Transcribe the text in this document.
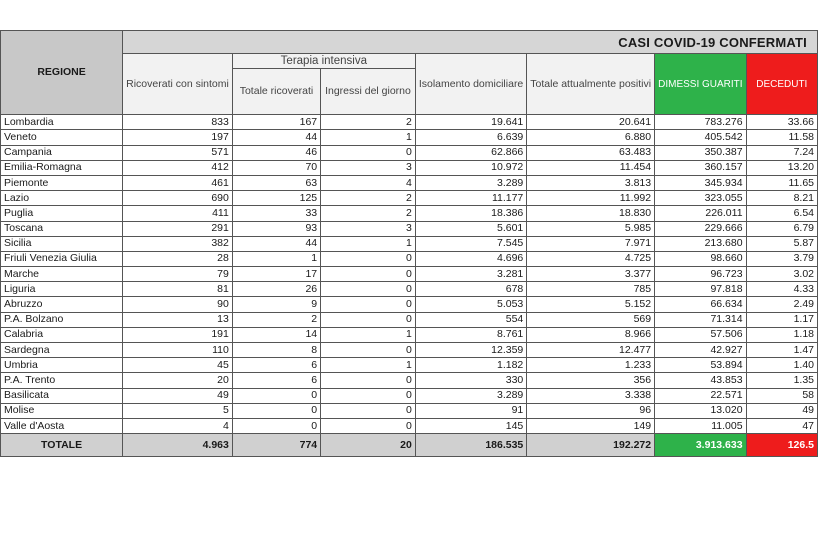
REGIONE	CASI COVID-19 CONFERMATI						
	Ricoverati con sintomi	Terapia intensiva		Isolamento domiciliare	Totale attualmente positivi	DIMESSI GUARITI	DECEDUTI
		Totale ricoverati	Ingressi del giorno				
Lombardia	833	167	2	19.641	20.641	783.276	33.66
Veneto	197	44	1	6.639	6.880	405.542	11.58
Campania	571	46	0	62.866	63.483	350.387	7.24
Emilia-Romagna	412	70	3	10.972	11.454	360.157	13.20
Piemonte	461	63	4	3.289	3.813	345.934	11.65
Lazio	690	125	2	11.177	11.992	323.055	8.21
Puglia	411	33	2	18.386	18.830	226.011	6.54
Toscana	291	93	3	5.601	5.985	229.666	6.79
Sicilia	382	44	1	7.545	7.971	213.680	5.87
Friuli Venezia Giulia	28	1	0	4.696	4.725	98.660	3.79
Marche	79	17	0	3.281	3.377	96.723	3.02
Liguria	81	26	0	678	785	97.818	4.33
Abruzzo	90	9	0	5.053	5.152	66.634	2.49
P.A. Bolzano	13	2	0	554	569	71.314	1.17
Calabria	191	14	1	8.761	8.966	57.506	1.18
Sardegna	110	8	0	12.359	12.477	42.927	1.47
Umbria	45	6	1	1.182	1.233	53.894	1.40
P.A. Trento	20	6	0	330	356	43.853	1.35
Basilicata	49	0	0	3.289	3.338	22.571	58
Molise	5	0	0	91	96	13.020	49
Valle d'Aosta	4	0	0	145	149	11.005	47
TOTALE	4.963	774	20	186.535	192.272	3.913.633	126.5
